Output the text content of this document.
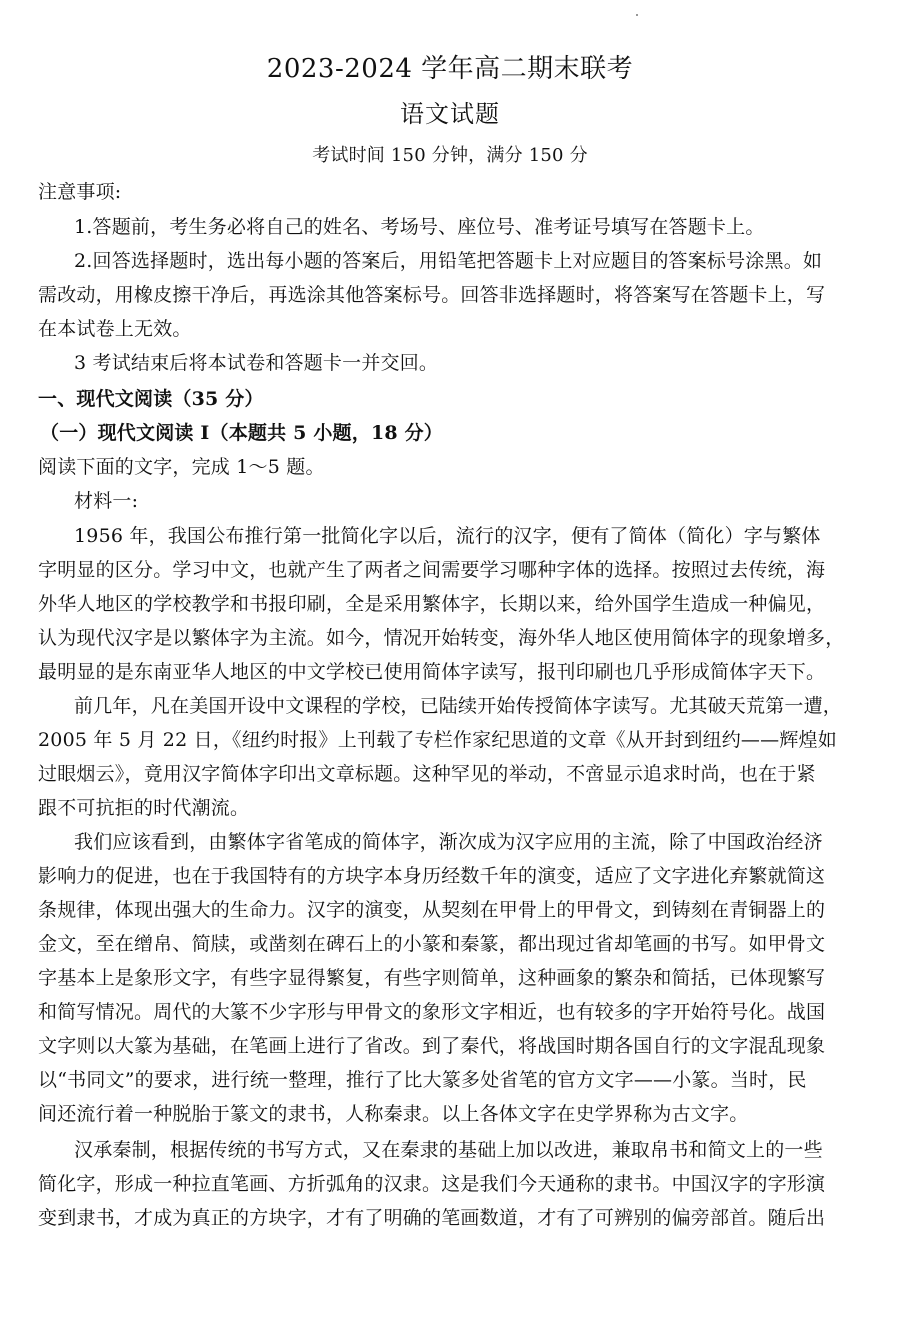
2023-2024 学年高二期末联考
语文试题
考试时间 150 分钟，满分 150 分
注意事项:
1.答题前，考生务必将自己的姓名、考场号、座位号、准考证号填写在答题卡上。
2.回答选择题时，选出每小题的答案后，用铅笔把答题卡上对应题目的答案标号涂黑。如
需改动，用橡皮擦干净后，再选涂其他答案标号。回答非选择题时，将答案写在答题卡上，写
在本试卷上无效。
3 考试结束后将本试卷和答题卡一并交回。
一、现代文阅读（35 分）
（一）现代文阅读 I（本题共 5 小题，18 分）
阅读下面的文字，完成 1～5 题。
材料一:
1956 年，我国公布推行第一批简化字以后，流行的汉字，便有了简体（简化）字与繁体
字明显的区分。学习中文，也就产生了两者之间需要学习哪种字体的选择。按照过去传统，海
外华人地区的学校教学和书报印刷，全是采用繁体字，长期以来，给外国学生造成一种偏见，
认为现代汉字是以繁体字为主流。如今，情况开始转变，海外华人地区使用简体字的现象增多，
最明显的是东南亚华人地区的中文学校已使用简体字读写，报刊印刷也几乎形成简体字天下。
前几年，凡在美国开设中文课程的学校，已陆续开始传授简体字读写。尤其破天荒第一遭，
2005 年 5 月 22 日，《纽约时报》上刊载了专栏作家纪思道的文章《从开封到纽约——辉煌如
过眼烟云》，竟用汉字简体字印出文章标题。这种罕见的举动，不啻显示追求时尚，也在于紧
跟不可抗拒的时代潮流。
我们应该看到，由繁体字省笔成的简体字，渐次成为汉字应用的主流，除了中国政治经济
影响力的促进，也在于我国特有的方块字本身历经数千年的演变，适应了文字进化弃繁就简这
条规律，体现出强大的生命力。汉字的演变，从契刻在甲骨上的甲骨文，到铸刻在青铜器上的
金文，至在缯帛、简牍，或凿刻在碑石上的小篆和秦篆，都出现过省却笔画的书写。如甲骨文
字基本上是象形文字，有些字显得繁复，有些字则简单，这种画象的繁杂和简括，已体现繁写
和简写情况。周代的大篆不少字形与甲骨文的象形文字相近，也有较多的字开始符号化。战国
文字则以大篆为基础，在笔画上进行了省改。到了秦代，将战国时期各国自行的文字混乱现象
以“书同文”的要求，进行统一整理，推行了比大篆多处省笔的官方文字——小篆。当时，民
间还流行着一种脱胎于篆文的隶书，人称秦隶。以上各体文字在史学界称为古文字。
汉承秦制，根据传统的书写方式，又在秦隶的基础上加以改进，兼取帛书和简文上的一些
简化字，形成一种拉直笔画、方折弧角的汉隶。这是我们今天通称的隶书。中国汉字的字形演
变到隶书，才成为真正的方块字，才有了明确的笔画数道，才有了可辨别的偏旁部首。随后出
